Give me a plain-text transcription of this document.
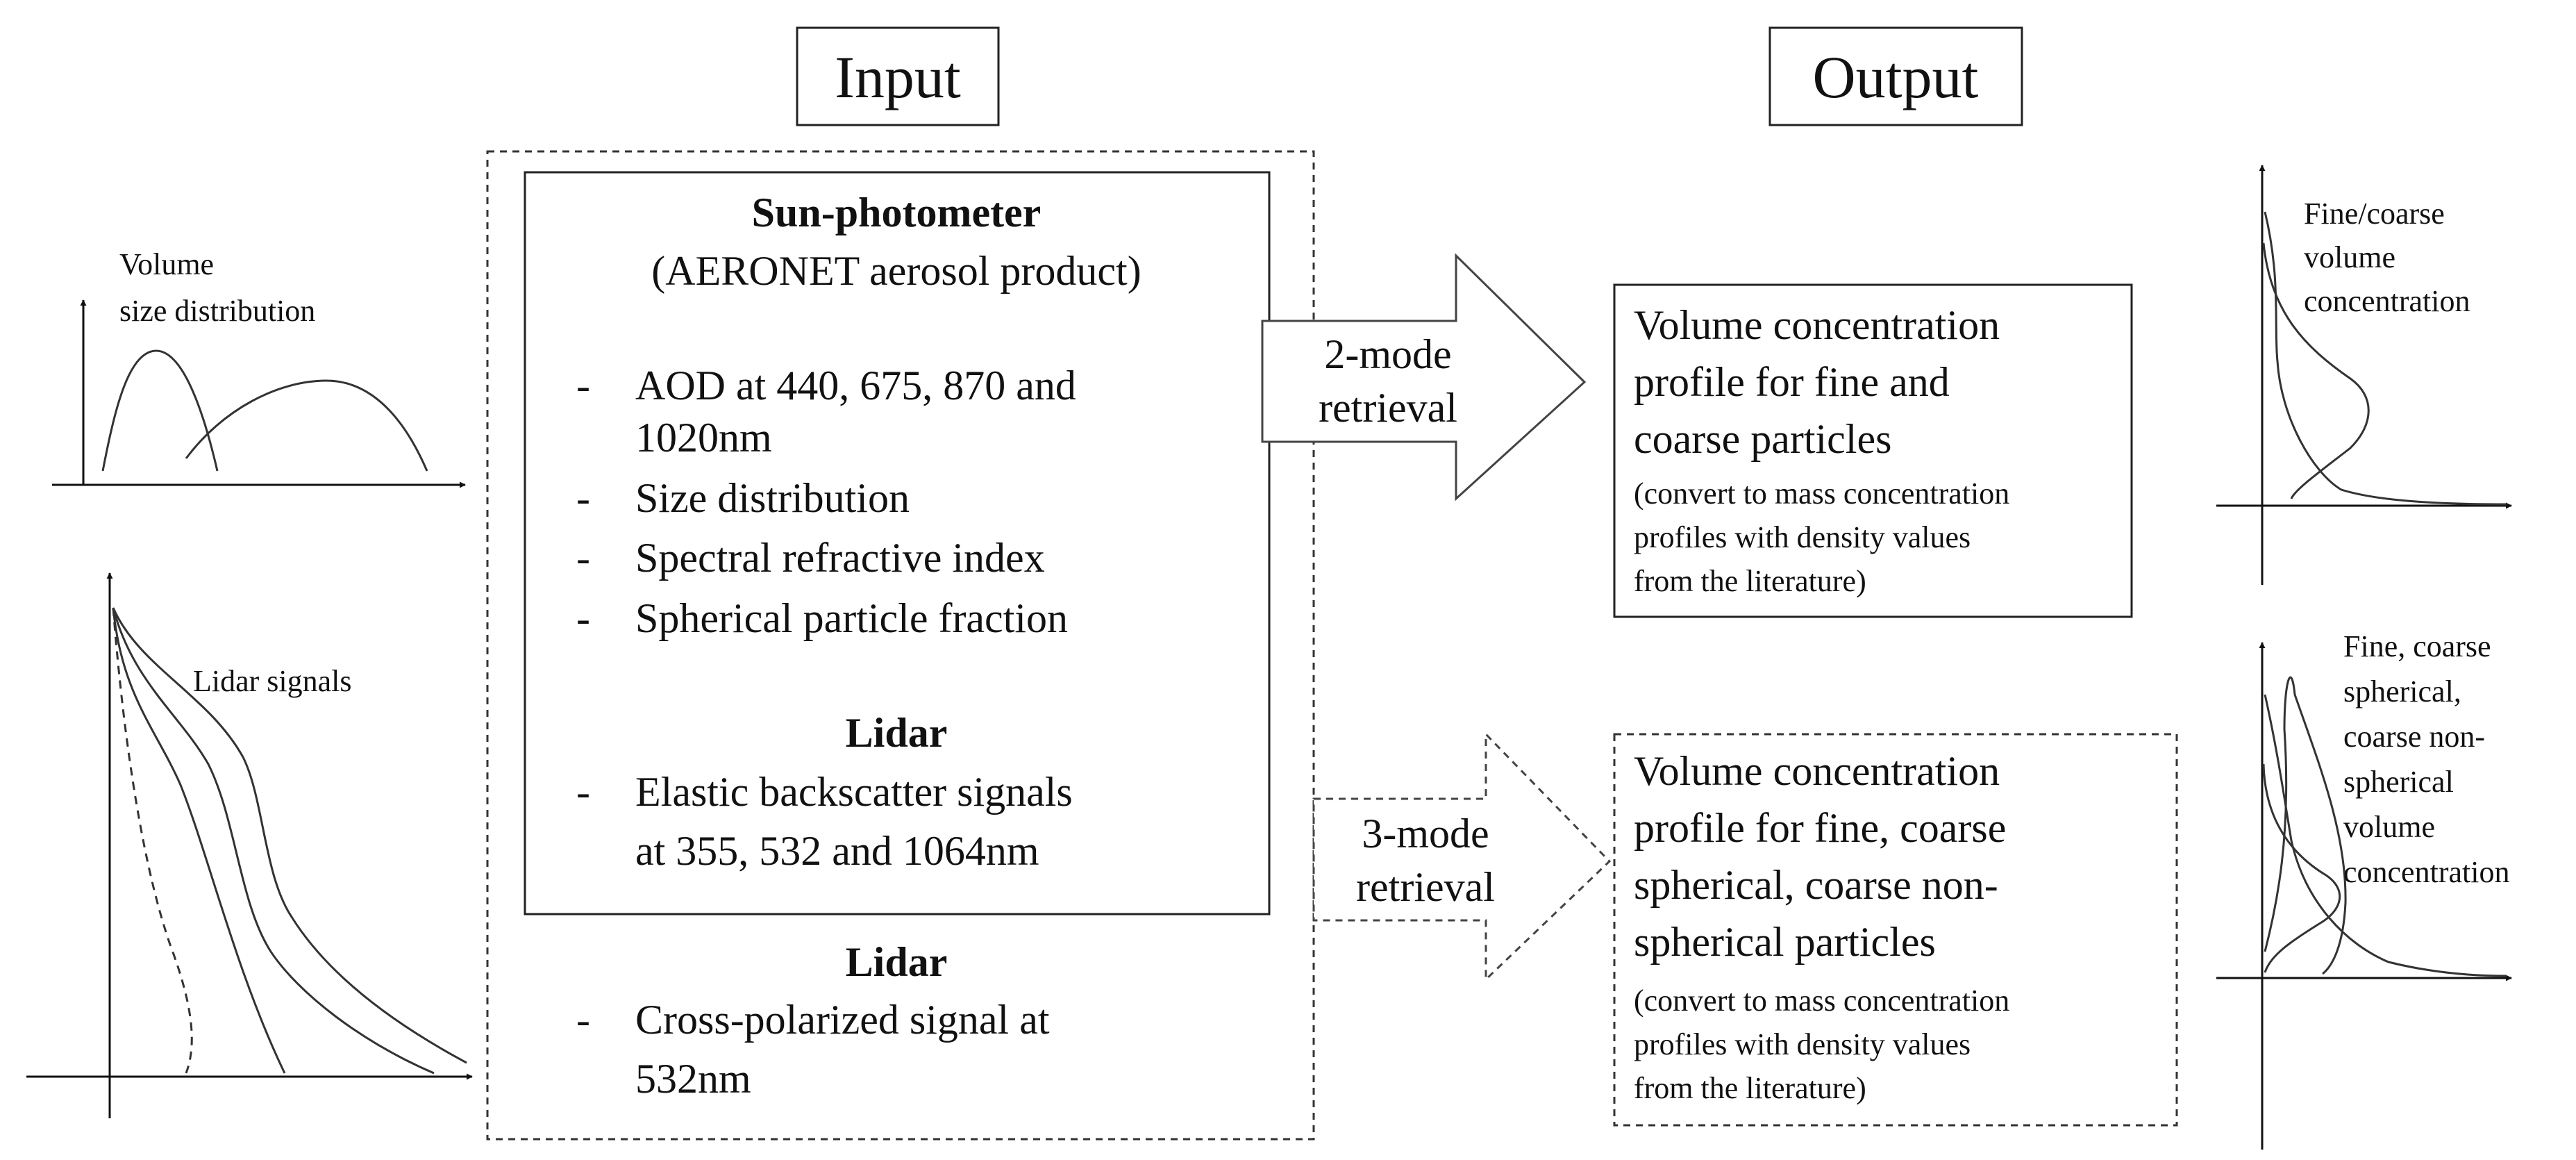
Input	Output
Volume
size distribution
Lidar signals
Sun-photometer
(AERONET aerosol product)
- AOD at 440, 675, 870 and
1020nm
- Size distribution
- Spectral refractive index
- Spherical particle fraction
Lidar
- Elastic backscatter signals
at 355, 532 and 1064nm
Lidar
- Cross-polarized signal at
532nm
2-mode
retrieval
3-mode
retrieval
Volume concentration
profile for fine and
coarse particles
(convert to mass concentration
profiles with density values
from the literature)
Volume concentration
profile for fine, coarse
spherical, coarse non-
spherical particles
(convert to mass concentration
profiles with density values
from the literature)
Fine/coarse
volume
concentration
Fine, coarse
spherical,
coarse non-
spherical
volume
concentration
